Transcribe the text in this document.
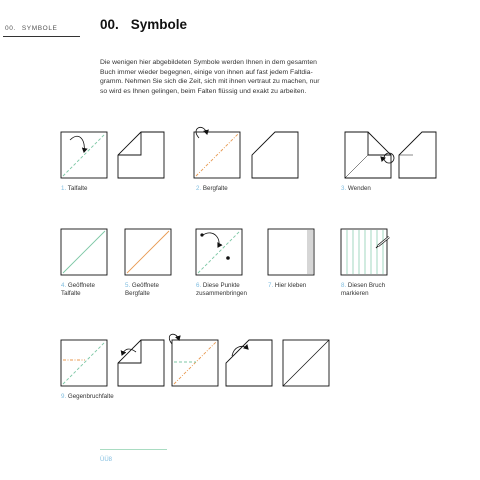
00. SYMBOLE	00. Symbole
Die wenigen hier abgebildeten Symbole werden Ihnen in dem gesamten
Buch immer wieder begegnen, einige von ihnen auf fast jedem Faltdia-
gramm. Nehmen Sie sich die Zeit, sich mit ihnen vertraut zu machen, nur
so wird es Ihnen gelingen, beim Falten flüssig und exakt zu arbeiten.
1. Talfalte	2. Bergfalte	3. Wenden
4. Geöffnete
Talfalte
5. Geöffnete
Bergfalte
6. Diese Punkte
zusammenbringen
7. Hier kleben	8. Diesen Bruch
markieren
9. Gegenbruchfalte
ÜÜ8
